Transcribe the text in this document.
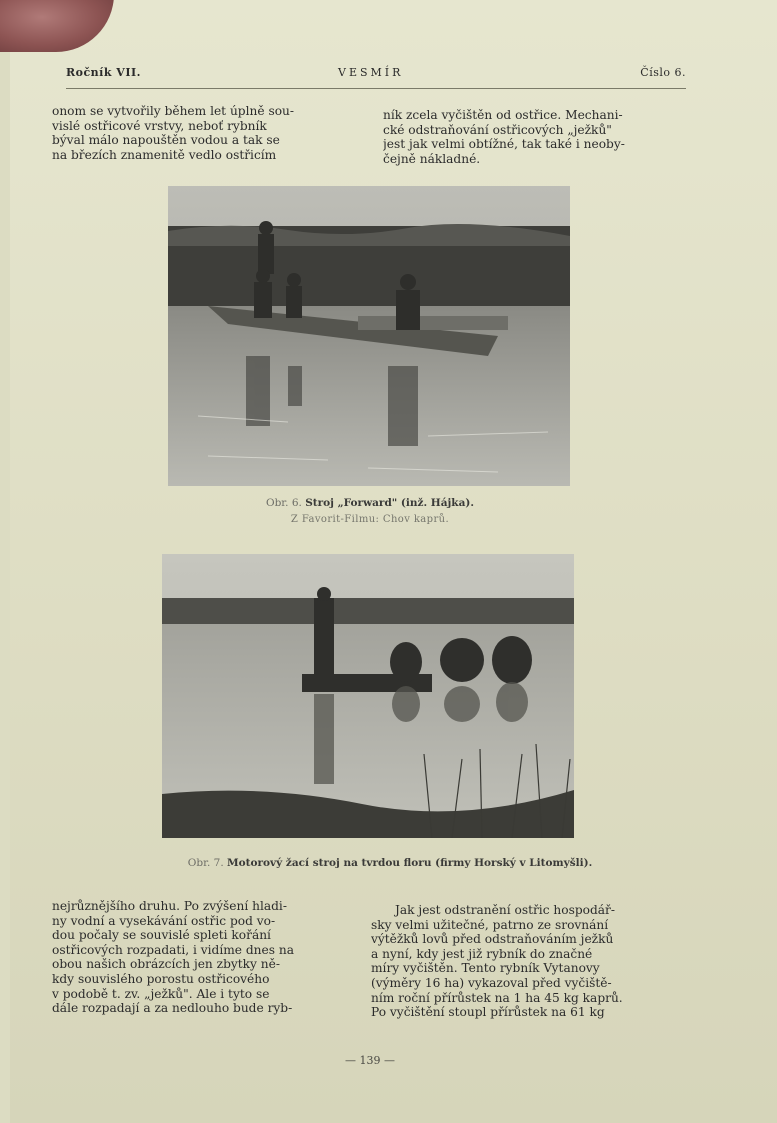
Ročník VII.	VESMÍR	Číslo 6.
onom se vytvořily během let úplně sou-
vislé ostřicové vrstvy, neboť rybník
býval málo napouštěn vodou a tak se
na březích znamenitě vedlo ostřicím
ník zcela vyčištěn od ostřice. Mechani-
cké odstraňování ostřicových „ježků"
jest jak velmi obtížné, tak také i neoby-
čejně nákladné.
Obr. 6. Stroj „Forward" (inž. Hájka).
Z Favorit-Filmu: Chov kaprů.
Obr. 7. Motorový žací stroj na tvrdou floru (firmy Horský v Litomyšli).
nejrůznějšího druhu. Po zvýšení hladi-
ny vodní a vysekávání ostřic pod vo-
dou počaly se souvislé spleti kořání
ostřicových rozpadati, i vidíme dnes na
obou našich obrázcích jen zbytky ně-
kdy souvislého porostu ostřicového
v podobě t. zv. „ježků". Ale i tyto se
dále rozpadají a za nedlouho bude ryb-
Jak jest odstranění ostřic hospodář-
sky velmi užitečné, patrno ze srovnání
výtěžků lovů před odstraňováním ježků
a nyní, kdy jest již rybník do značné
míry vyčištěn. Tento rybník Vytanovy
(výměry 16 ha) vykazoval před vyčiště-
ním roční přírůstek na 1 ha 45 kg kaprů.
Po vyčištění stoupl přírůstek na 61 kg
— 139 —
